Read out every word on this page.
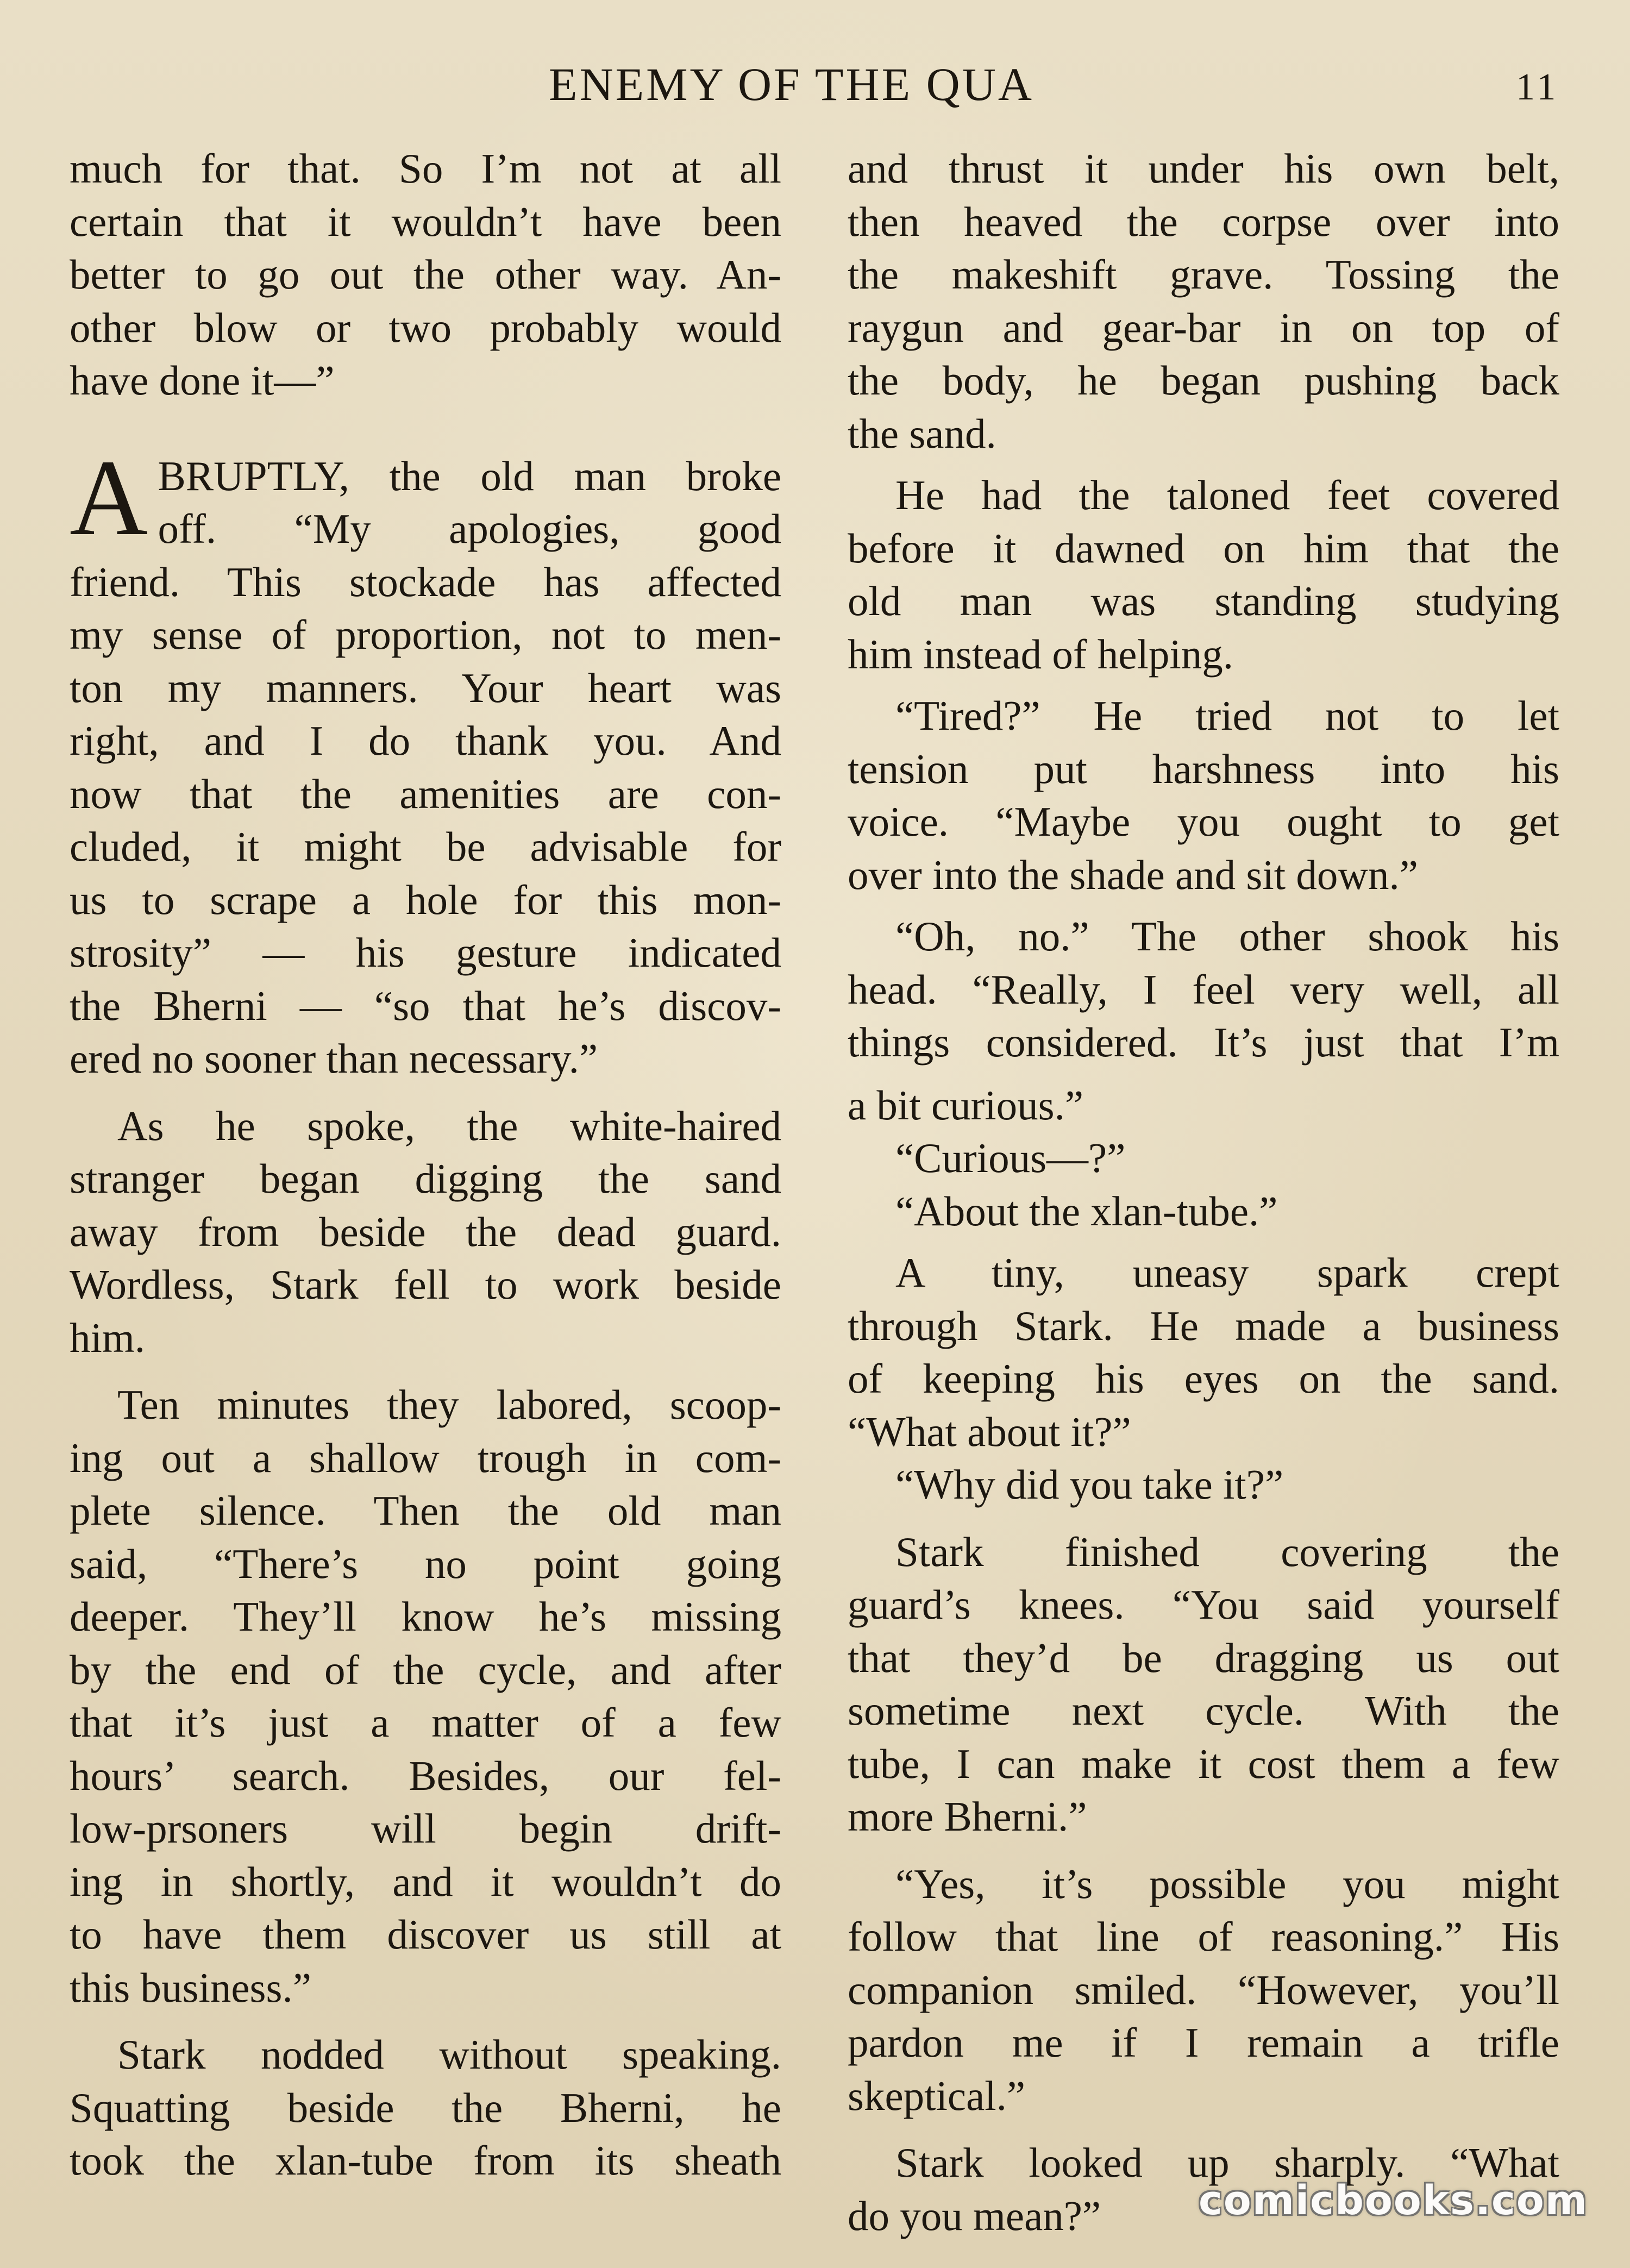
ENEMY OF THE QUA	11

much for that. So I’m not at all
certain that it wouldn’t have been
better to go out the other way. An-
other blow or two probably would
have done it—”

A BRUPTLY, the old man broke
off. “My apologies, good
friend. This stockade has affected
my sense of proportion, not to men-
ton my manners. Your heart was
right, and I do thank you. And
now that the amenities are con-
cluded, it might be advisable for
us to scrape a hole for this mon-
strosity” — his gesture indicated
the Bherni — “so that he’s discov-
ered no sooner than necessary.”

As he spoke, the white-haired
stranger began digging the sand
away from beside the dead guard.
Wordless, Stark fell to work beside
him.

Ten minutes they labored, scoop-
ing out a shallow trough in com-
plete silence. Then the old man
said, “There’s no point going
deeper. They’ll know he’s missing
by the end of the cycle, and after
that it’s just a matter of a few
hours’ search. Besides, our fel-
low-prsoners will begin drift-
ing in shortly, and it wouldn’t do
to have them discover us still at
this business.”

Stark nodded without speaking.
Squatting beside the Bherni, he
took the xlan-tube from its sheath

and thrust it under his own belt,
then heaved the corpse over into
the makeshift grave. Tossing the
raygun and gear-bar in on top of
the body, he began pushing back
the sand.

He had the taloned feet covered
before it dawned on him that the
old man was standing studying
him instead of helping.

“Tired?” He tried not to let
tension put harshness into his
voice. “Maybe you ought to get
over into the shade and sit down.”

“Oh, no.” The other shook his
head. “Really, I feel very well, all
things considered. It’s just that I’m
a bit curious.”

“Curious—?”

“About the xlan-tube.”

A tiny, uneasy spark crept
through Stark. He made a business
of keeping his eyes on the sand.
“What about it?”

“Why did you take it?”

Stark finished covering the
guard’s knees. “You said yourself
that they’d be dragging us out
sometime next cycle. With the
tube, I can make it cost them a few
more Bherni.”

“Yes, it’s possible you might
follow that line of reasoning.” His
companion smiled. “However, you’ll
pardon me if I remain a trifle
skeptical.”

Stark looked up sharply. “What
do you mean?”	comicbooks.com
